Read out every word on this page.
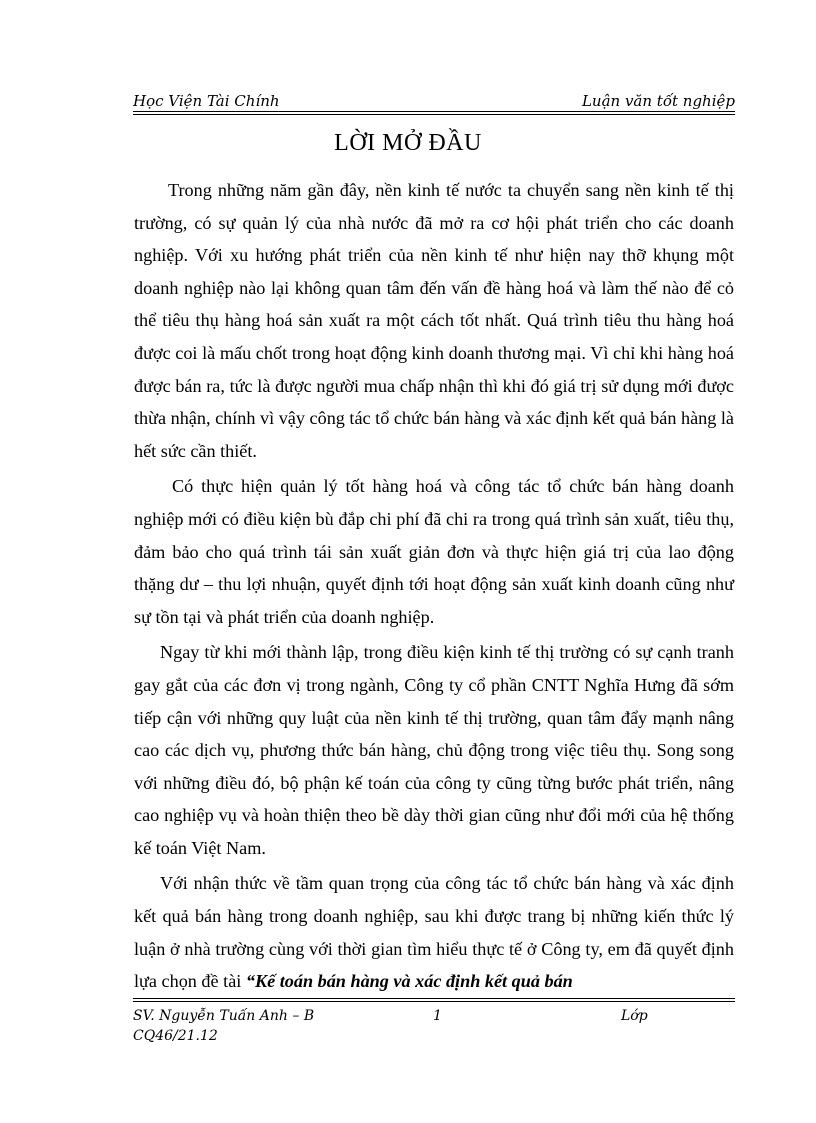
Học Viện Tài Chính	Luận văn tốt nghiệp
LỜI MỞ ĐẦU

Trong những năm gần đây, nền kinh tế nước ta chuyển sang nền kinh tế thị trường, có sự quản lý của nhà nước đã mở ra cơ hội phát triển cho các doanh nghiệp. Với xu hướng phát triển của nền kinh tế như hiện nay thỡ khụng một doanh nghiệp nào lại không quan tâm đến vấn đề hàng hoá và làm thế nào để cỏ thể tiêu thụ hàng hoá sản xuất ra một cách tốt nhất. Quá trình tiêu thu hàng hoá được coi là mấu chốt trong hoạt động kinh doanh thương mại. Vì chỉ khi hàng hoá được bán ra, tức là được người mua chấp nhận thì khi đó giá trị sử dụng mới được thừa nhận, chính vì vậy công tác tổ chức bán hàng và xác định kết quả bán hàng là hết sức cần thiết.

Có thực hiện quản lý tốt hàng hoá và công tác tổ chức bán hàng doanh nghiệp mới có điều kiện bù đắp chi phí đã chi ra trong quá trình sản xuất, tiêu thụ, đảm bảo cho quá trình tái sản xuất giản đơn và thực hiện giá trị của lao động thặng dư – thu lợi nhuận, quyết định tới hoạt động sản xuất kinh doanh cũng như sự tồn tại và phát triển của doanh nghiệp.

Ngay từ khi mới thành lập, trong điều kiện kinh tế thị trường có sự cạnh tranh gay gắt của các đơn vị trong ngành, Công ty cổ phần CNTT Nghĩa Hưng đã sớm tiếp cận với những quy luật của nền kinh tế thị trường, quan tâm đẩy mạnh nâng cao các dịch vụ, phương thức bán hàng, chủ động trong việc tiêu thụ. Song song với những điều đó, bộ phận kế toán của công ty cũng từng bước phát triển, nâng cao nghiệp vụ và hoàn thiện theo bề dày thời gian cũng như đổi mới của hệ thống kế toán Việt Nam.

Với nhận thức về tầm quan trọng của công tác tổ chức bán hàng và xác định kết quả bán hàng trong doanh nghiệp, sau khi được trang bị những kiến thức lý luận ở nhà trường cùng với thời gian tìm hiểu thực tế ở Công ty, em đã quyết định lựa chọn đề tài “Kế toán bán hàng và xác định kết quả bán

SV. Nguyễn Tuấn Anh – B CQ46/21.12
1	Lớp
